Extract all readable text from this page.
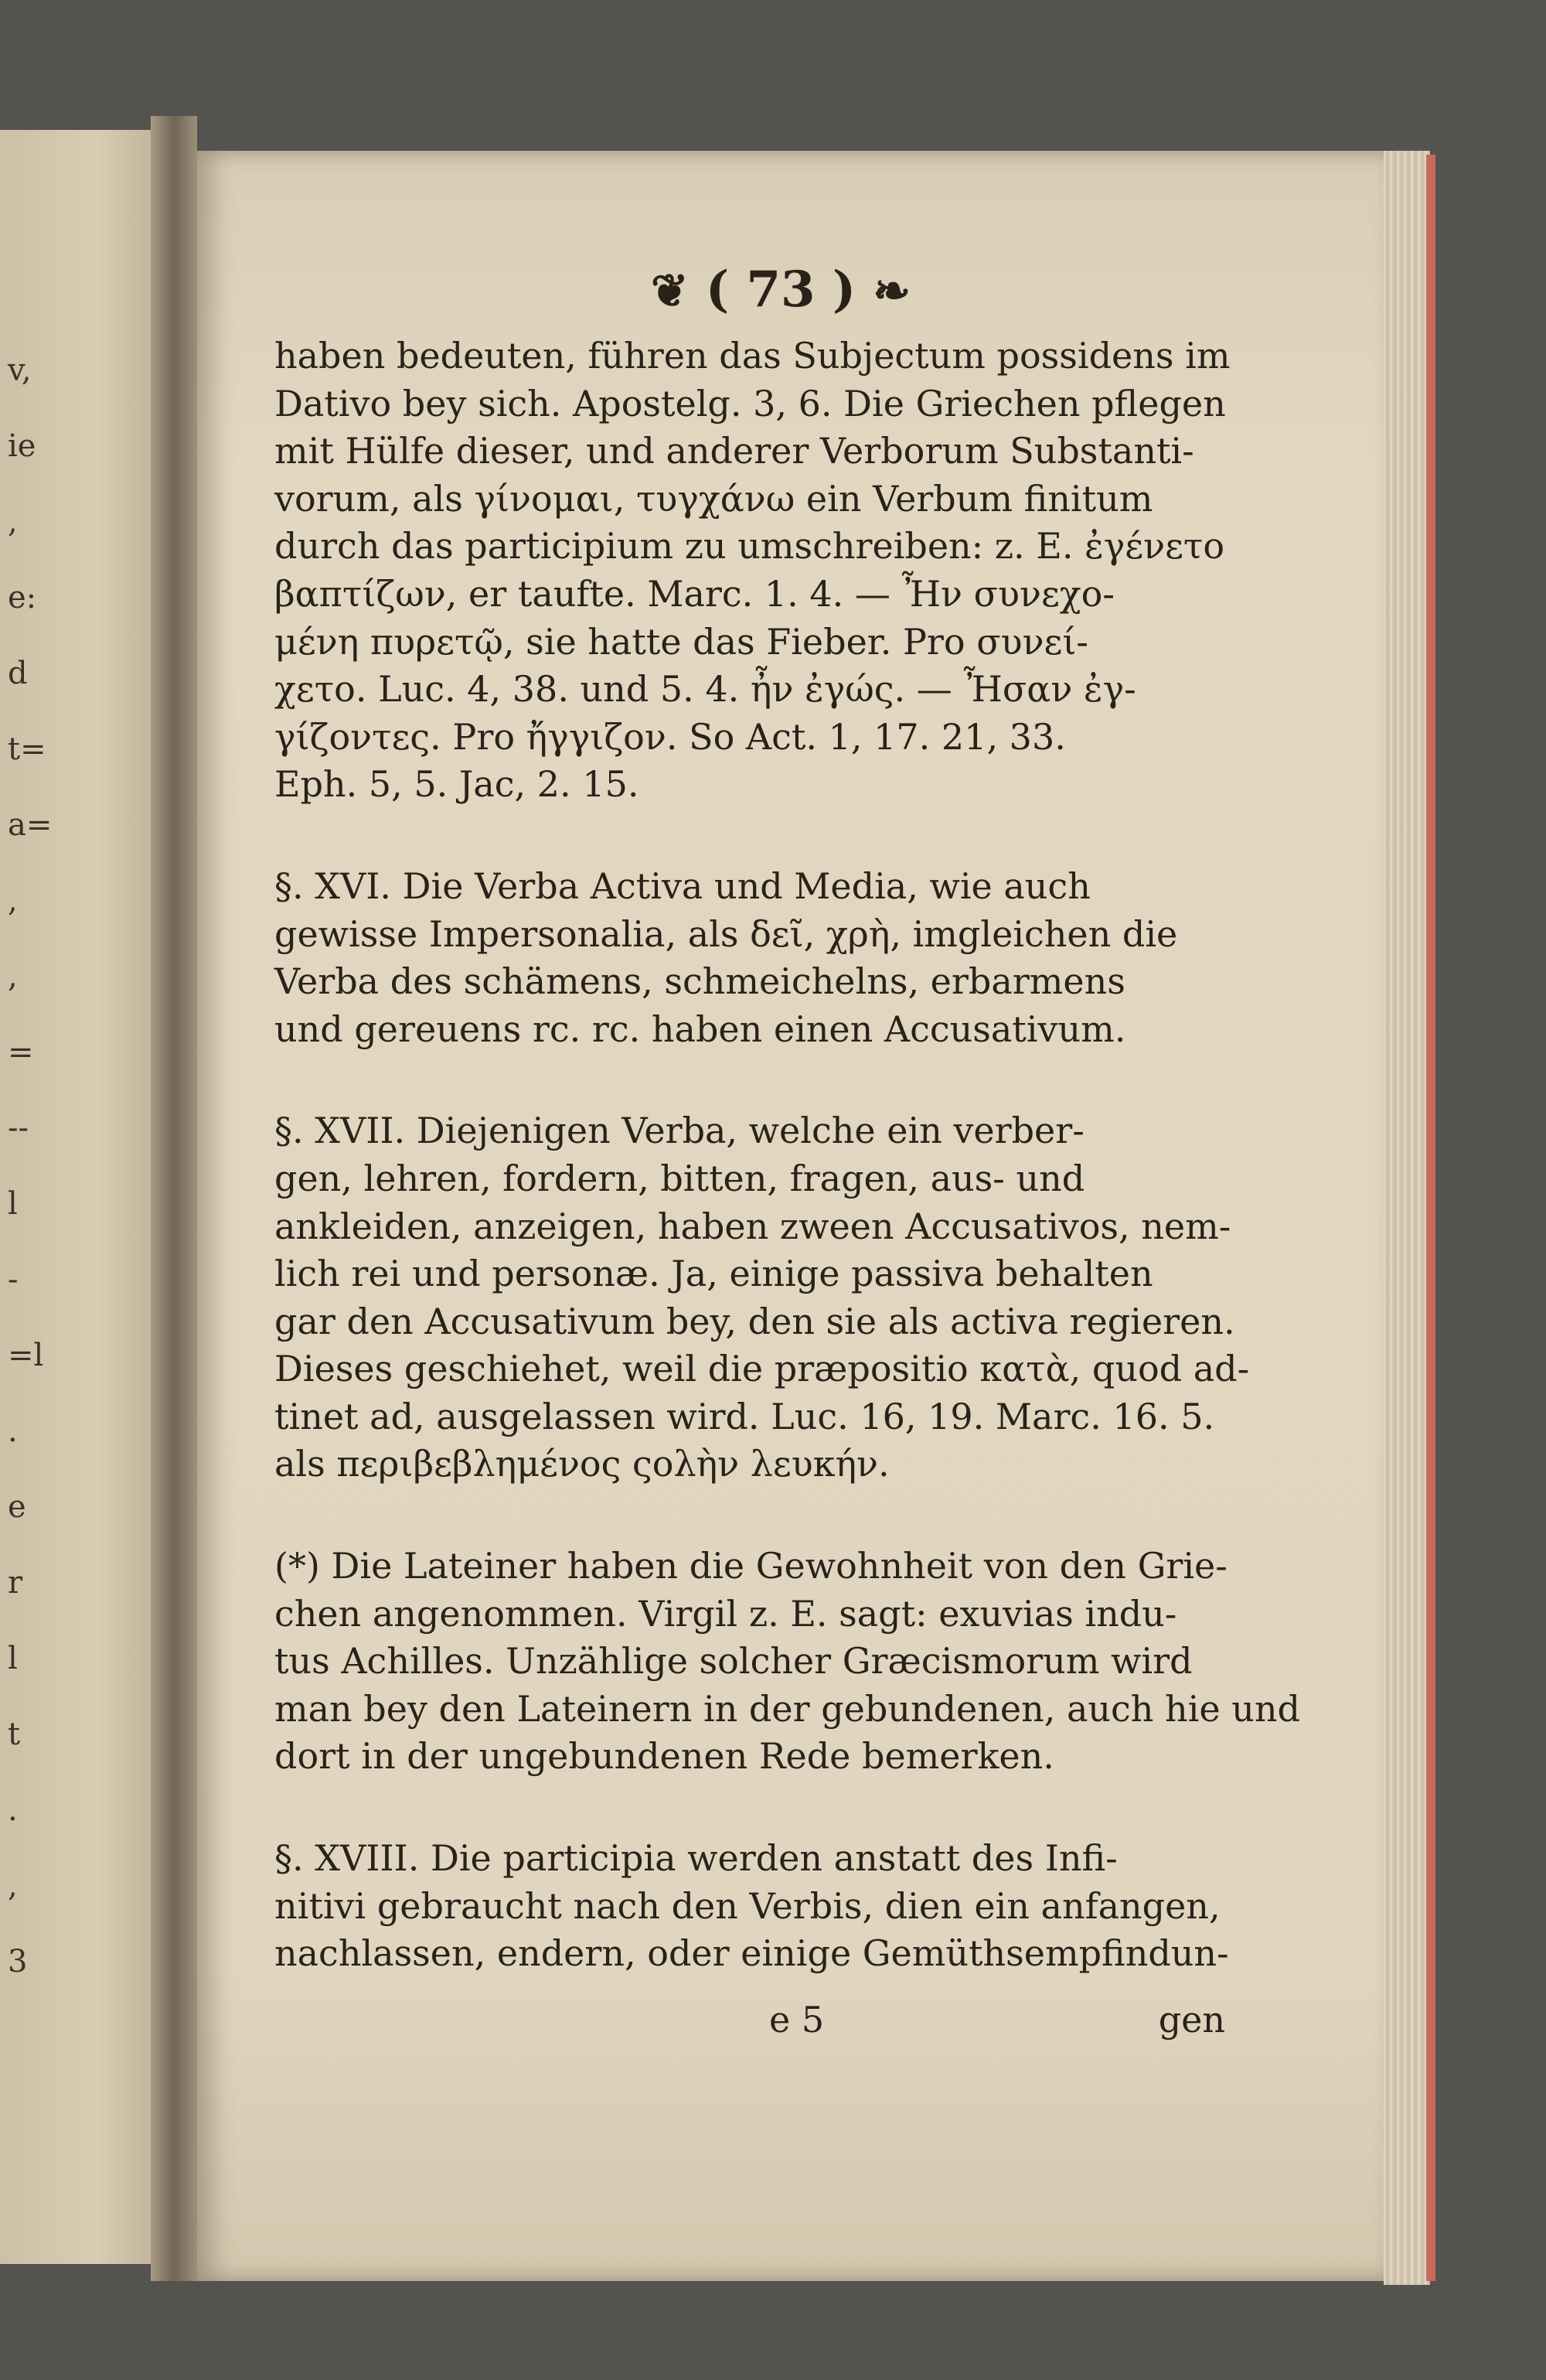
v,
ie
,
e:
d
t=
a=
,
,
=
--
l
-
=l
.
e
r
l
t
.
,
3
❦ ( 73 ) ❧
haben bedeuten, führen das Subjectum possidens im
Dativo bey sich. Apostelg. 3, 6. Die Griechen pflegen
mit Hülfe dieser, und anderer Verborum Substanti-
vorum, als γίνομαι, τυγχάνω ein Verbum finitum
durch das participium zu umschreiben: z. E. ἐγένετο
βαπτίζων, er taufte. Marc. 1. 4. — Ἦν συνεχο-
μένη πυρετῷ, sie hatte das Fieber. Pro συνεί-
χετο. Luc. 4, 38. und 5. 4. ἦν ἐγώς. — Ἦσαν ἐγ-
γίζοντες. Pro ἤγγιζον. So Act. 1, 17. 21, 33.
Eph. 5, 5. Jac, 2. 15.
§. XVI. Die Verba Activa und Media, wie auch
gewisse Impersonalia, als δεῖ, χρὴ, imgleichen die
Verba des schämens, schmeichelns, erbarmens
und gereuens rc. rc. haben einen Accusativum.
§. XVII. Diejenigen Verba, welche ein verber-
gen, lehren, fordern, bitten, fragen, aus- und
ankleiden, anzeigen, haben zween Accusativos, nem-
lich rei und personæ. Ja, einige passiva behalten
gar den Accusativum bey, den sie als activa regieren.
Dieses geschiehet, weil die præpositio κατὰ, quod ad-
tinet ad, ausgelassen wird. Luc. 16, 19. Marc. 16. 5.
als περιβεβλημένος ςολὴν λευκήν.
(*) Die Lateiner haben die Gewohnheit von den Grie-
chen angenommen. Virgil z. E. sagt: exuvias indu-
tus Achilles. Unzählige solcher Græcismorum wird
man bey den Lateinern in der gebundenen, auch hie und
dort in der ungebundenen Rede bemerken.
§. XVIII. Die participia werden anstatt des Infi-
nitivi gebraucht nach den Verbis, dien ein anfangen,
nachlassen, endern, oder einige Gemüthsempfindun-
e 5	gen
